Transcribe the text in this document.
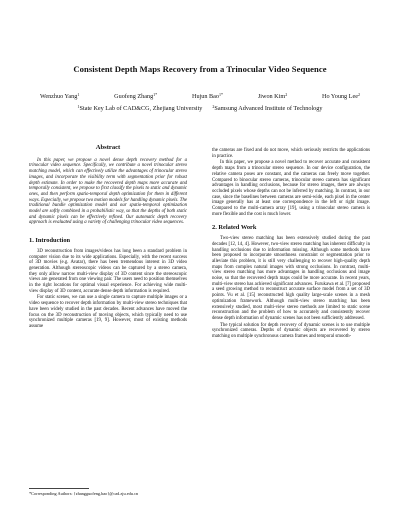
Consistent Depth Maps Recovery from a Trinocular Video Sequence
Wenzhuo Yang$^1$	Guofeng Zhang$^{1*}$	Hujun Bao$^{1*}$	Jiwon Kim$^2$	Ho Young Lee$^2$
$^1$State Key Lab of CAD&CG, Zhejiang University	$^2$Samsung Advanced Institute of Technology
Abstract

In this paper, we propose a novel dense depth recovery method for a trinocular video sequence. Specifically, we contribute a novel trinocular stereo matching model, which can effectively utilize the advantages of trinocular stereo images, and incorporate the visibility term with segmentation prior for robust depth estimate. In order to make the recovered depth maps more accurate and temporally consistent, we propose to first classify the pixels to static and dynamic ones, and then perform spatio-temporal depth optimization for them in different ways. Especially, we propose two motion models for handling dynamic pixels. The traditional bundle optimization model and our spatio-temporal optimization model are softly combined in a probabilistic way, so that the depths of both static and dynamic pixels can be effectively refined. Our automatic depth recovery approach is evaluated using a variety of challenging trinocular video sequences.

1. Introduction

3D reconstruction from images/videos has long been a standard problem in computer vision due to its wide applications. Especially, with the recent success of 3D movies (e.g. Avatar), there has been tremendous interest in 3D video generation. Although stereoscopic videos can be captured by a stereo camera, they only allow narrow multi-view display of 3D content since the stereoscopic views are generated from one viewing pair. The users need to position themselves in the right locations for optimal visual experience. For achieving wide multi-view display of 3D content, accurate dense depth information is required.

For static scenes, we can use a single camera to capture multiple images or a video sequence to recover depth information by multi-view stereo techniques that have been widely studied in the past decades. Recent advances have moved the focus on the 3D reconstruction of moving objects, which typically need to use synchronized multiple cameras [19, 9]. However, most of existing methods assume

the cameras are fixed and do not move, which seriously restricts the applications in practice.

In this paper, we propose a novel method to recover accurate and consistent depth maps from a trinocular stereo sequence. In our device configuration, the relative camera poses are constant, and the cameras can freely move together. Compared to binocular stereo cameras, trinocular stereo camera has significant advantages in handling occlusions, because for stereo images, there are always occluded pixels whose depths can not be inferred by matching. In contrast, in our case, since the baselines between cameras are semi-wide, each pixel in the center image generally has at least one correspondence in the left or right image. Compared to the multi-camera array [19], using a trinocular stereo camera is more flexible and the cost is much lower.

2. Related Work

Two-view stereo matching has been extensively studied during the past decades [12, 14, 4]. However, two-view stereo matching has inherent difficulty in handling occlusions due to information missing. Although some methods have been proposed to incorporate smoothness constraint or segmentation prior to alleviate this problem, it is still very challenging to recover high-quality depth maps from complex natural images with strong occlusions. In contrast, multi-view stereo matching has more advantages in handling occlusions and image noise, so that the recovered depth maps could be more accurate. In recent years, multi-view stereo has achieved significant advances. Furukawa et al. [7] proposed a seed growing method to reconstruct accurate surface model from a set of 3D points. Vu et al. [15] reconstructed high quality large-scale scenes in a mesh optimization framework. Although multi-view stereo matching has been extensively studied, most multi-view stereo methods are limited to static scene reconstruction and the problem of how to accurately and consistently recover dense depth information of dynamic scenes has not been sufficiently addressed.

The typical solution for depth recovery of dynamic scenes is to use multiple synchronized cameras. Depths of dynamic objects are recovered by stereo matching on multiple synchronous camera frames and temporal smooth-

*Corresponding Authors: {zhangguofeng,bao}@cad.zju.edu.cn
